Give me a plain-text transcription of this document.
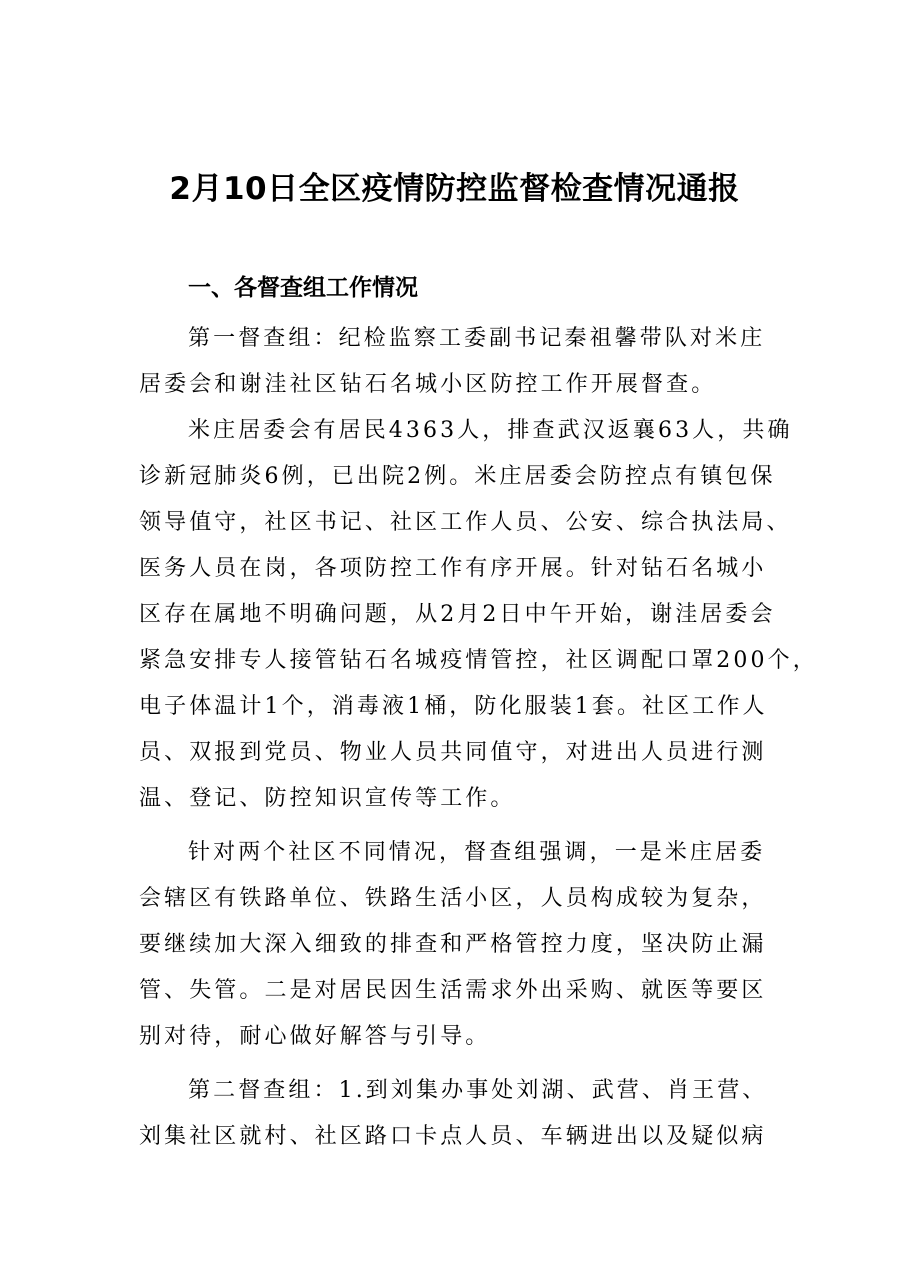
2月10日全区疫情防控监督检查情况通报
一、各督查组工作情况

第一督查组：纪检监察工委副书记秦祖馨带队对米庄

居委会和谢洼社区钻石名城小区防控工作开展督查。

米庄居委会有居民4363人，排查武汉返襄63人，共确

诊新冠肺炎6例，已出院2例。米庄居委会防控点有镇包保

领导值守，社区书记、社区工作人员、公安、综合执法局、

医务人员在岗，各项防控工作有序开展。针对钻石名城小

区存在属地不明确问题，从2月2日中午开始，谢洼居委会

紧急安排专人接管钻石名城疫情管控，社区调配口罩200个，

电子体温计1个，消毒液1桶，防化服装1套。社区工作人

员、双报到党员、物业人员共同值守，对进出人员进行测

温、登记、防控知识宣传等工作。

针对两个社区不同情况，督查组强调，一是米庄居委

会辖区有铁路单位、铁路生活小区，人员构成较为复杂，

要继续加大深入细致的排查和严格管控力度，坚决防止漏

管、失管。二是对居民因生活需求外出采购、就医等要区

别对待，耐心做好解答与引导。

第二督查组：1.到刘集办事处刘湖、武营、肖王营、

刘集社区就村、社区路口卡点人员、车辆进出以及疑似病
